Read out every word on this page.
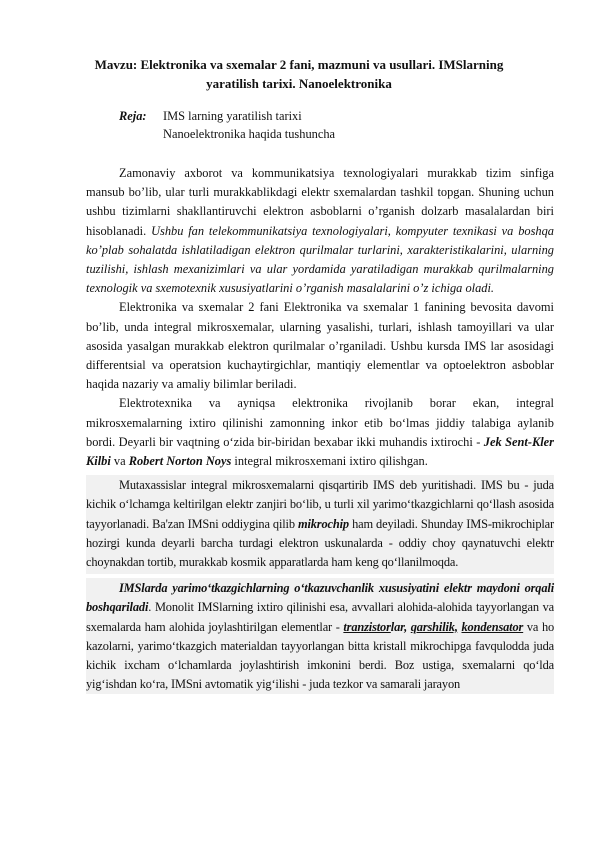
Mavzu: Elektronika va sxemalar 2 fani, mazmuni va usullari. IMSlarning
yaratilish tarixi. Nanoelektronika
Reja: IMS larning yaratilish tarixi
Nanoelektronika haqida tushuncha

Zamonaviy axborot va kommunikatsiya texnologiyalari murakkab tizim sinfiga mansub bo’lib, ular turli murakkablikdagi elektr sxemalardan tashkil topgan. Shuning uchun ushbu tizimlarni shakllantiruvchi elektron asboblarni o’rganish dolzarb masalalardan biri hisoblanadi. Ushbu fan telekommunikatsiya texnologiyalari, kompyuter texnikasi va boshqa ko’plab sohalatda ishlatiladigan elektron qurilmalar turlarini, xarakteristikalarini, ularning tuzilishi, ishlash mexanizimlari va ular yordamida yaratiladigan murakkab qurilmalarning texnologik va sxemotexnik xususiyatlarini o’rganish masalalarini o’z ichiga oladi.

Elektronika va sxemalar 2 fani Elektronika va sxemalar 1 fanining bevosita davomi bo’lib, unda integral mikrosxemalar, ularning yasalishi, turlari, ishlash tamoyillari va ular asosida yasalgan murakkab elektron qurilmalar o’rganiladi. Ushbu kursda IMS lar asosidagi differentsial va operatsion kuchaytirgichlar, mantiqiy elementlar va optoelektron asboblar haqida nazariy va amaliy bilimlar beriladi.

Elektrotexnika va ayniqsa elektronika rivojlanib borar ekan, integral mikrosxemalarning ixtiro qilinishi zamonning inkor etib bo‘lmas jiddiy talabiga aylanib bordi. Deyarli bir vaqtning o‘zida bir-biridan bexabar ikki muhandis ixtirochi - Jek Sent-Kler Kilbi va Robert Norton Noys integral mikrosxemani ixtiro qilishgan.

Mutaxassislar integral mikrosxemalarni qisqartirib IMS deb yuritishadi. IMS bu - juda kichik o‘lchamga keltirilgan elektr zanjiri bo‘lib, u turli xil yarimo‘tkazgichlarni qo‘llash asosida tayyorlanadi. Ba'zan IMSni oddiygina qilib mikrochip ham deyiladi. Shunday IMS-mikrochiplar hozirgi kunda deyarli barcha turdagi elektron uskunalarda - oddiy choy qaynatuvchi elektr choynakdan tortib, murakkab kosmik apparatlarda ham keng qo‘llanilmoqda.

IMSlarda yarimo‘tkazgichlarning o‘tkazuvchanlik xususiyatini elektr maydoni orqali boshqariladi. Monolit IMSlarning ixtiro qilinishi esa, avvallari alohida-alohida tayyorlangan va sxemalarda ham alohida joylashtirilgan elementlar - tranzistorlar, qarshilik, kondensator va ho kazolarni, yarimo‘tkazgich materialdan tayyorlangan bitta kristall mikrochipga favqulodda juda kichik ixcham o‘lchamlarda joylashtirish imkonini berdi. Boz ustiga, sxemalarni qo‘lda yig‘ishdan ko‘ra, IMSni avtomatik yig‘ilishi - juda tezkor va samarali jarayon
